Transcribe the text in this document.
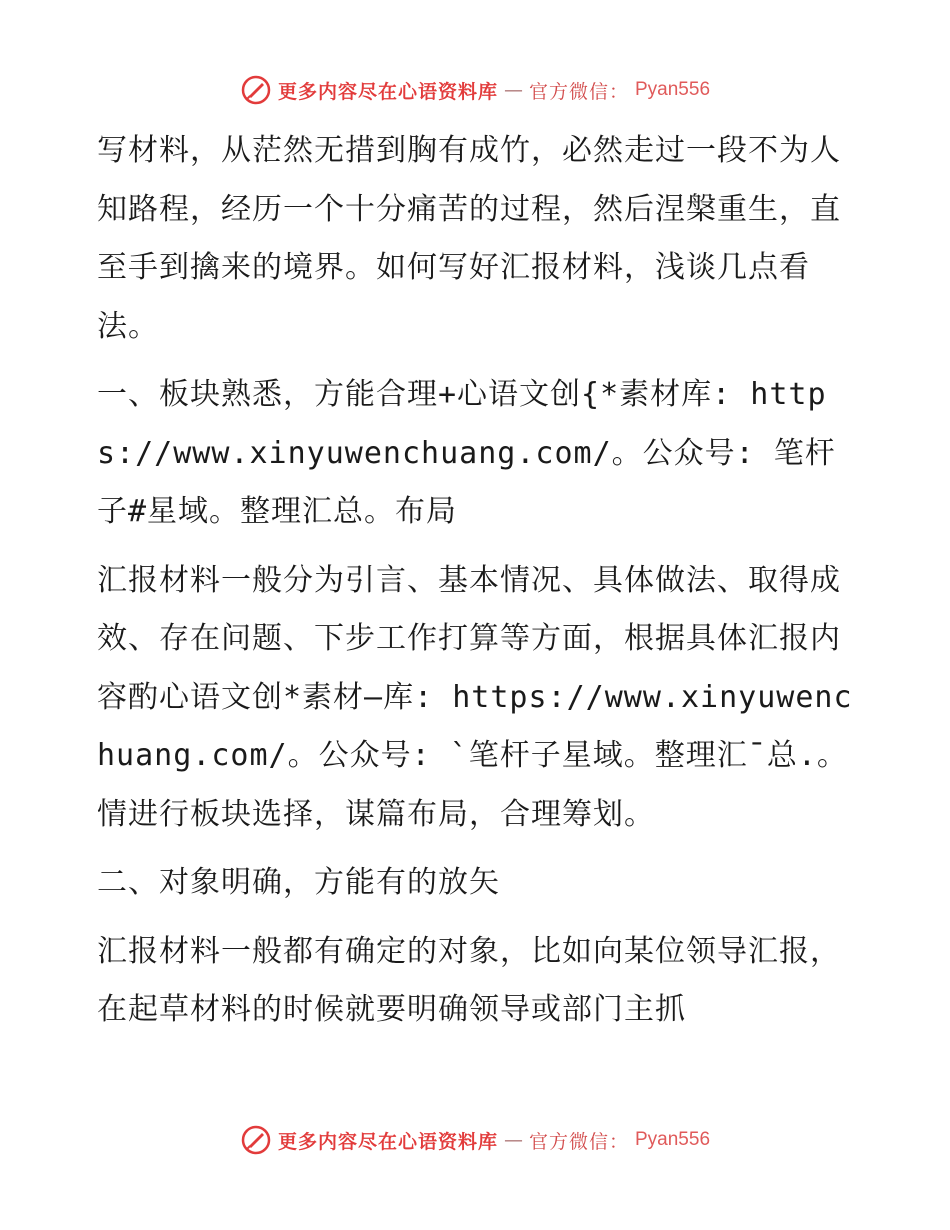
更多内容尽在心语资料库 — 官方微信： Pyan556

写材料，从茫然无措到胸有成竹，必然走过一段不为人知路程，经历一个十分痛苦的过程，然后涅槃重生，直至手到擒来的境界。如何写好汇报材料，浅谈几点看法。

一、板块熟悉，方能合理+心语文创{*素材库: https://www.xinyuwenchuang.com/。公众号: 笔杆子#星域。整理汇总。布局

汇报材料一般分为引言、基本情况、具体做法、取得成效、存在问题、下步工作打算等方面，根据具体汇报内容酌心语文创*素材—库: https://www.xinyuwenchuang.com/。公众号: `笔杆子星域。整理汇¯总.。情进行板块选择，谋篇布局，合理筹划。

二、对象明确，方能有的放矢

汇报材料一般都有确定的对象，比如向某位领导汇报，在起草材料的时候就要明确领导或部门主抓

更多内容尽在心语资料库 — 官方微信： Pyan556
